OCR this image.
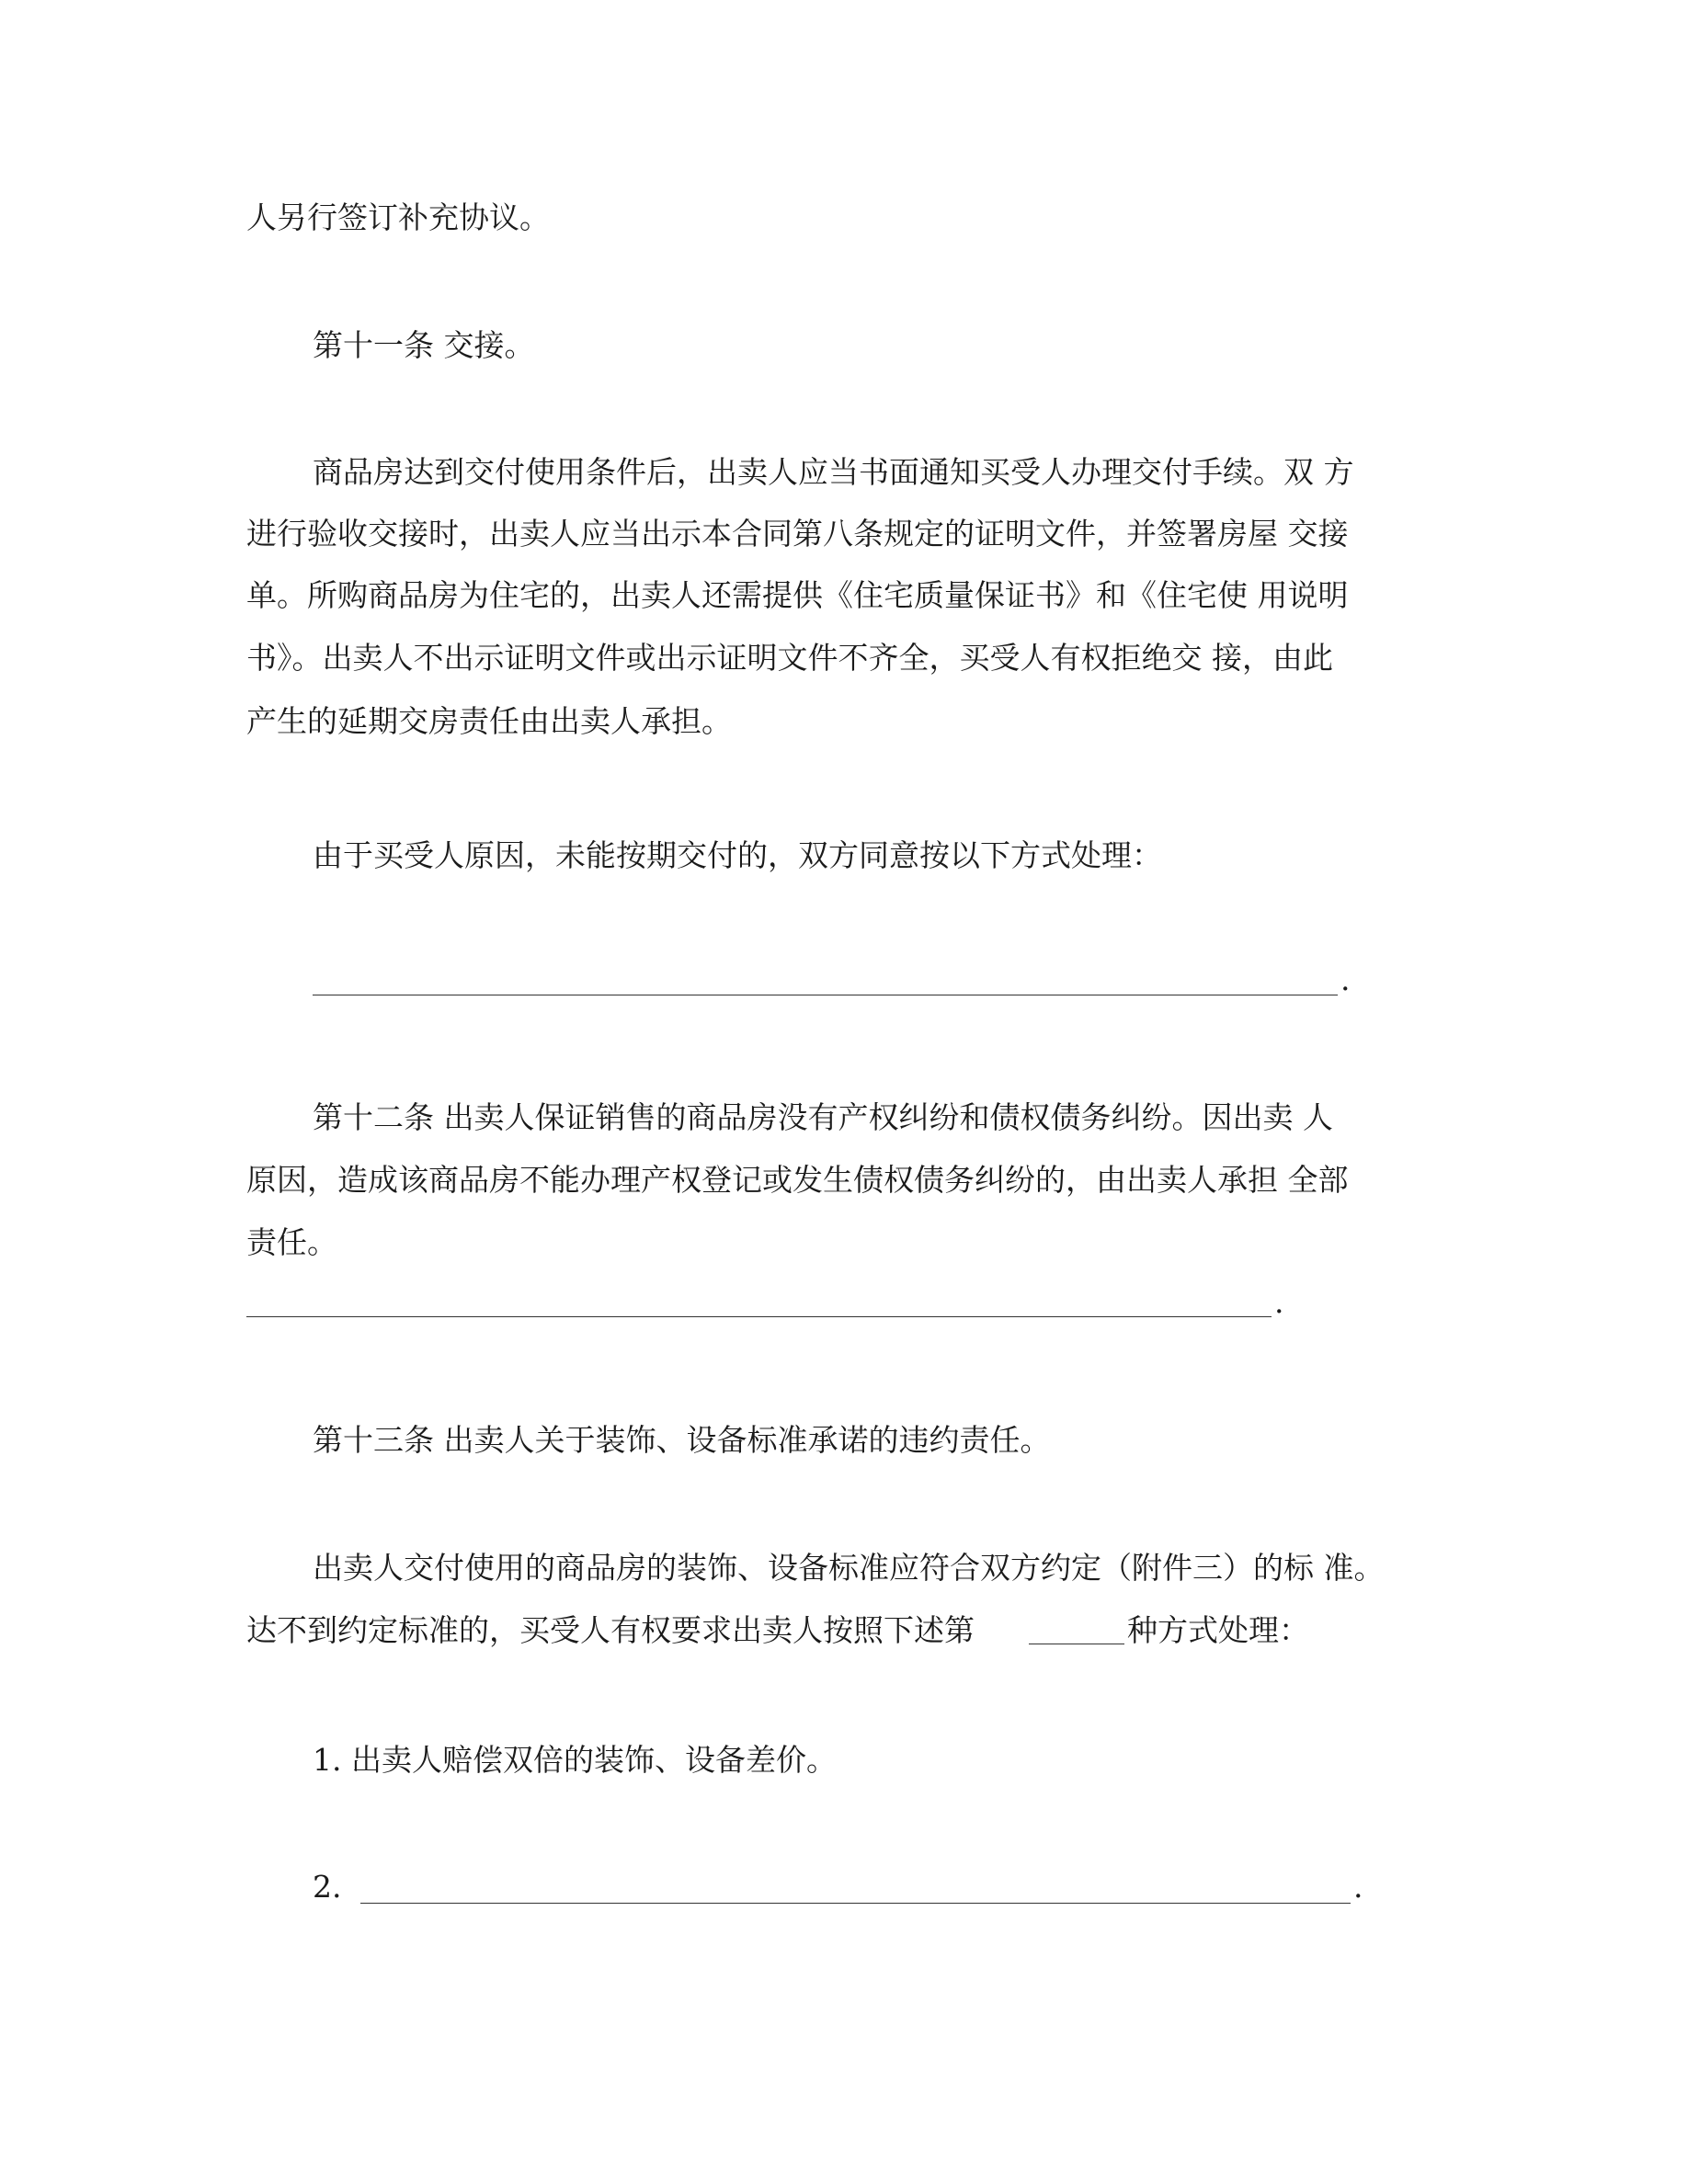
人另行签订补充协议。
第十一条 交接。
商品房达到交付使用条件后，出卖人应当书面通知买受人办理交付手续。双 方
进行验收交接时，出卖人应当出示本合同第八条规定的证明文件，并签署房屋 交接
单。所购商品房为住宅的，出卖人还需提供《住宅质量保证书》和《住宅使 用说明
书》。出卖人不出示证明文件或出示证明文件不齐全，买受人有权拒绝交 接，由此
产生的延期交房责任由出卖人承担。
由于买受人原因，未能按期交付的，双方同意按以下方式处理：
.
第十二条 出卖人保证销售的商品房没有产权纠纷和债权债务纠纷。因出卖 人
原因，造成该商品房不能办理产权登记或发生债权债务纠纷的，由出卖人承担 全部
责任。
.
第十三条 出卖人关于装饰、设备标准承诺的违约责任。
出卖人交付使用的商品房的装饰、设备标准应符合双方约定（附件三）的标 准。
达不到约定标准的，买受人有权要求出卖人按照下述第	种方式处理：
1. 出卖人赔偿双倍的装饰、设备差价。
2.	.
